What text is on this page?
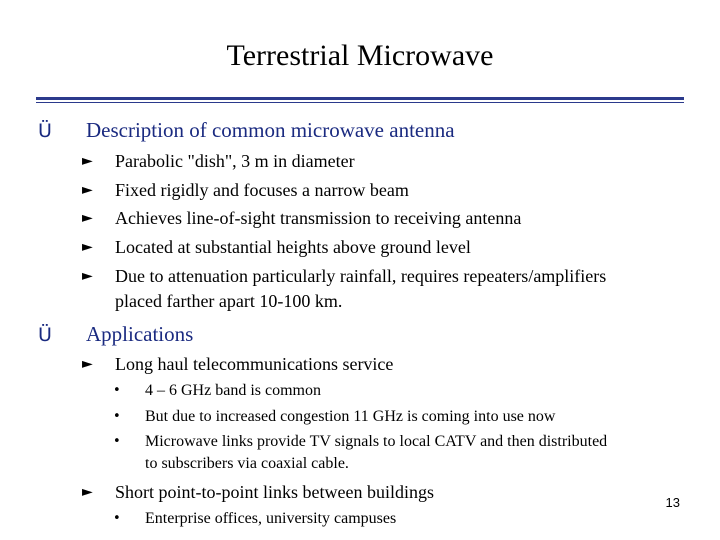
Terrestrial Microwave
Ü Description of common microwave antenna
► Parabolic "dish", 3 m in diameter
► Fixed rigidly and focuses a narrow beam
► Achieves line-of-sight transmission to receiving antenna
► Located at substantial heights above ground level
► Due to attenuation particularly rainfall, requires repeaters/amplifiers
placed farther apart 10-100 km.
Ü Applications
► Long haul telecommunications service
• 4 – 6 GHz band is common
• But due to increased congestion 11 GHz is coming into use now
• Microwave links provide TV signals to local CATV and then distributed
to subscribers via coaxial cable.
► Short point-to-point links between buildings
• Enterprise offices, university campuses
13
